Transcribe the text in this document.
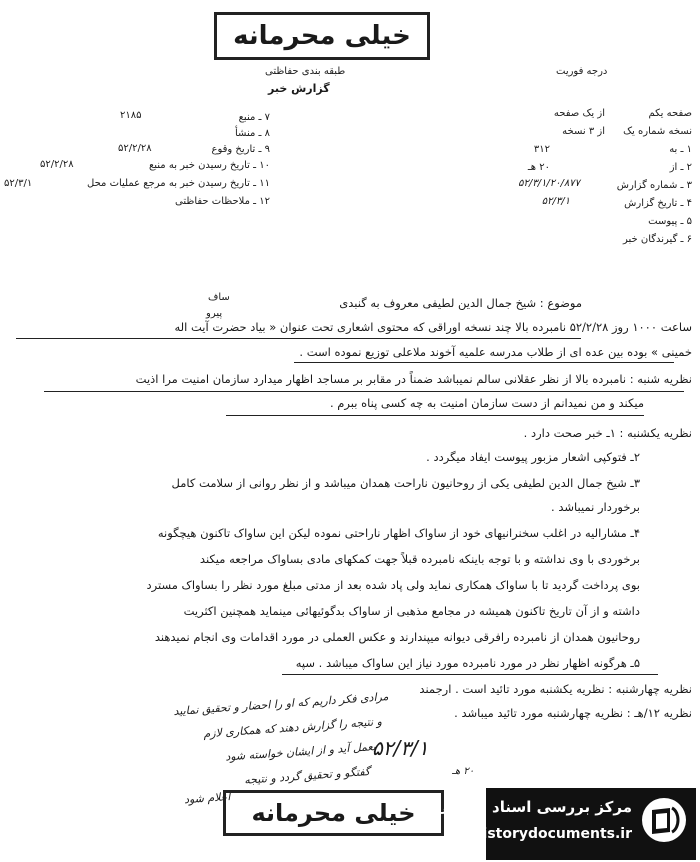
خیلی محرمانه
درجه فوریت
طبقه بندی حفاظتی
گزارش خبر
۷ ـ منبع
۲۱۸۵
۸ ـ منشأ
۹ ـ تاریخ وقوع
۵۲/۲/۲۸
۱۰ ـ تاریخ رسیدن خبر به منبع
۵۲/۲/۲۸
۱۱ ـ تاریخ رسیدن خبر به مرجع عملیات محل
۵۲/۳/۱
۱۲ ـ ملاحظات حفاظتی
صفحه یکم
از یک صفحه
نسخه شماره یک
از ۳ نسخه
۱ ـ به
۳۱۲
۲ ـ از
۲۰ هـ
۳ ـ شماره گزارش
۵۲/۳/۱/۲۰/۸۷۷
۴ ـ تاریخ گزارش
۵۲/۳/۱
۵ ـ پیوست
۶ ـ گیرندگان خبر
ساف
پیرو
موضوع : شیخ جمال الدین لطیفی معروف به گنبدی
ساعت ۱۰۰۰ روز ۵۲/۲/۲۸ نامبرده بالا چند نسخه اوراقی که محتوی اشعاری تحت عنوان « بیاد حضرت آیت اله
خمینی » بوده بین عده ای از طلاب مدرسه علمیه آخوند ملاعلی توزیع نموده است .
نظریه شنبه : نامبرده بالا از نظر عقلانی سالم نمیباشد ضمناً در مقابر بر مساجد اظهار میدارد سازمان امنیت مرا اذیت
میکند و من نمیدانم از دست سازمان امنیت به چه کسی پناه ببرم .
نظریه یکشنبه : ۱ـ خبر صحت دارد .
۲ـ فتوکپی اشعار مزبور پیوست ایفاد میگردد .
۳ـ شیخ جمال الدین لطیفی یکی از روحانیون ناراحت همدان میباشد و از نظر روانی از سلامت کامل
برخوردار نمیباشد .
۴ـ مشارالیه در اغلب سخنرانیهای خود از ساواک اظهار ناراحتی نموده لیکن این ساواک تاکنون هیچگونه
برخوردی با وی نداشته و با توجه باینکه نامبرده قبلاً جهت کمکهای مادی بساواک مراجعه میکند
بوی پرداخت گردید تا با ساواک همکاری نماید ولی پاد شده بعد از مدتی مبلغ مورد نظر را بساواک مسترد
داشته و از آن تاریخ تاکنون همیشه در مجامع مذهبی از ساواک بدگوئیهائی مینماید همچنین اکثریت
روحانیون همدان از نامبرده رافرقی دیوانه میپندارند و عکس العملی در مورد اقدامات وی انجام نمیدهند
۵ـ هرگونه اظهار نظر در مورد نامبرده مورد نیاز این ساواک میباشد . سپه
نظریه چهارشنبه : نظریه یکشنبه مورد تائید است . ارجمند
نظریه ۱۲/هـ : نظریه چهارشنبه مورد تائید میباشد .
۵۲/۳/۱
۲۰ هـ
مرادی فکر داریم که او را احضار و تحقیق نمایید
و نتیجه را گزارش دهند که همکاری لازم
بعمل آید و از ایشان خواسته شود
گفتگو و تحقیق گردد و نتیجه
اعلام شود
خیلی محرمانه	مرکز بررسی اسناد تاریخی
historydocuments.ir
